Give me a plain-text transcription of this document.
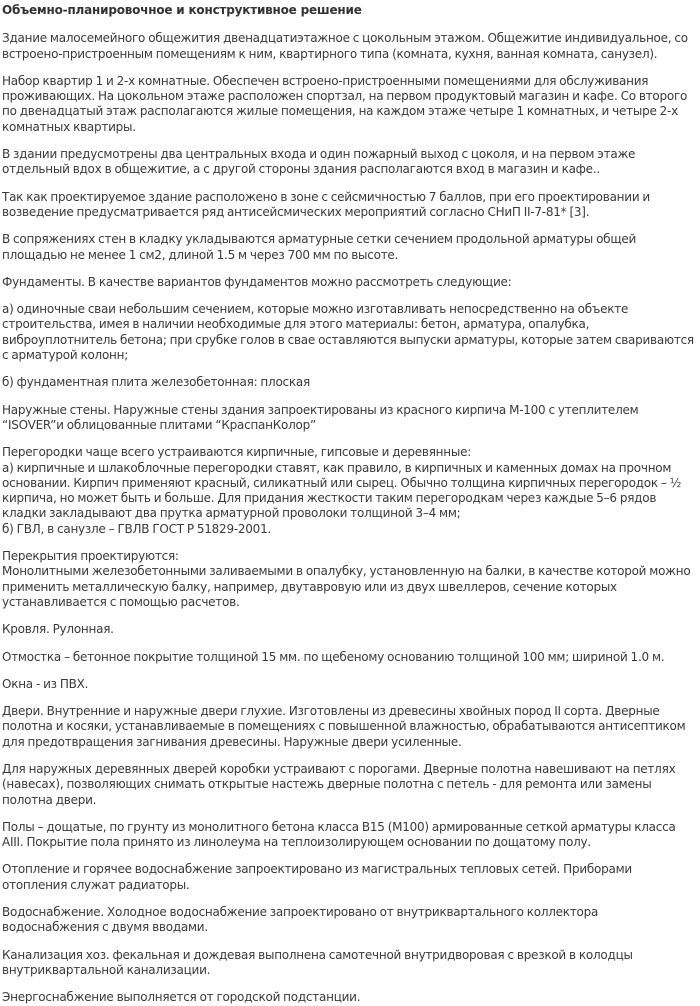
Объемно-планировочное и конструктивное решение

Здание малосемейного общежития двенадцатиэтажное с цокольным этажом. Общежитие индивидуальное, со встроено-пристроенным помещениям к ним, квартирного типа (комната, кухня, ванная комната, санузел).

Набор квартир 1 и 2-х комнатные. Обеспечен встроено-пристроенными помещениями для обслуживания проживающих. На цокольном этаже расположен спортзал, на первом продуктовый магазин и кафе. Со второго по двенадцатый этаж располагаются жилые помещения, на каждом этаже четыре 1 комнатных, и четыре 2-х комнатных квартиры.

В здании предусмотрены два центральных входа и один пожарный выход с цоколя, и на первом этаже отдельный вдох в общежитие, а с другой стороны здания располагаются вход в магазин и кафе..

Так как проектируемое здание расположено в зоне с сейсмичностью 7 баллов, при его проектировании и возведение предусматривается ряд антисейсмических мероприятий согласно СНиП II-7-81* [3].

В сопряжениях стен в кладку укладываются арматурные сетки сечением продольной арматуры общей площадью не менее 1 см2, длиной 1.5 м через 700 мм по высоте.

Фундаменты. В качестве вариантов фундаментов можно рассмотреть следующие:

а) одиночные сваи небольшим сечением, которые можно изготавливать непосредственно на объекте строительства, имея в наличии необходимые для этого материалы: бетон, арматура, опалубка, виброуплотнитель бетона; при срубке голов в свае оставляются выпуски арматуры, которые затем свариваются с арматурой колонн;

б) фундаментная плита железобетонная: плоская

Наружные стены. Наружные стены здания запроектированы из красного кирпича М-100 с утеплителем “ISOVER”и облицованные плитами “КраспанКолор”

Перегородки чаще всего устраиваются кирпичные, гипсовые и деревянные:
а) кирпичные и шлакоблочные перегородки ставят, как правило, в кирпичных и каменных домах на прочном основании. Кирпич применяют красный, силикатный или сырец. Обычно толщина кирпичных перегородок – ½ кирпича, но может быть и больше. Для придания жесткости таким перегородкам через каждые 5–6 рядов кладки закладывают два прутка арматурной проволоки толщиной 3–4 мм;
б) ГВЛ, в санузле – ГВЛВ ГОСТ Р 51829-2001.

Перекрытия проектируются:
Монолитными железобетонными заливаемыми в опалубку, установленную на балки, в качестве которой можно применить металлическую балку, например, двутавровую или из двух швеллеров, сечение которых устанавливается с помощью расчетов.

Кровля. Рулонная.

Отмостка – бетонное покрытие толщиной 15 мм. по щебеному основанию толщиной 100 мм; шириной 1.0 м.

Окна - из ПВХ.

Двери. Внутренние и наружные двери глухие. Изготовлены из древесины хвойных пород II сорта. Дверные полотна и косяки, устанавливаемые в помещениях с повышенной влажностью, обрабатываются антисептиком для предотвращения загнивания древесины. Наружные двери усиленные.

Для наружных деревянных дверей коробки устраивают с порогами. Дверные полотна навешивают на петлях (навесах), позволяющих снимать открытые настежь дверные полотна с петель - для ремонта или замены полотна двери.

Полы – дощатые, по грунту из монолитного бетона класса В15 (М100) армированные сеткой арматуры класса АIII. Покрытие пола принято из линолеума на теплоизолирующем основании по дощатому полу.

Отопление и горячее водоснабжение запроектировано из магистральных тепловых сетей. Приборами отопления служат радиаторы.

Водоснабжение. Холодное водоснабжение запроектировано от внутриквартального коллектора водоснабжения с двумя вводами.

Канализация хоз. фекальная и дождевая выполнена самотечной внутридворовая с врезкой в колодцы внутриквартальной канализации.

Энергоснабжение выполняется от городской подстанции.
